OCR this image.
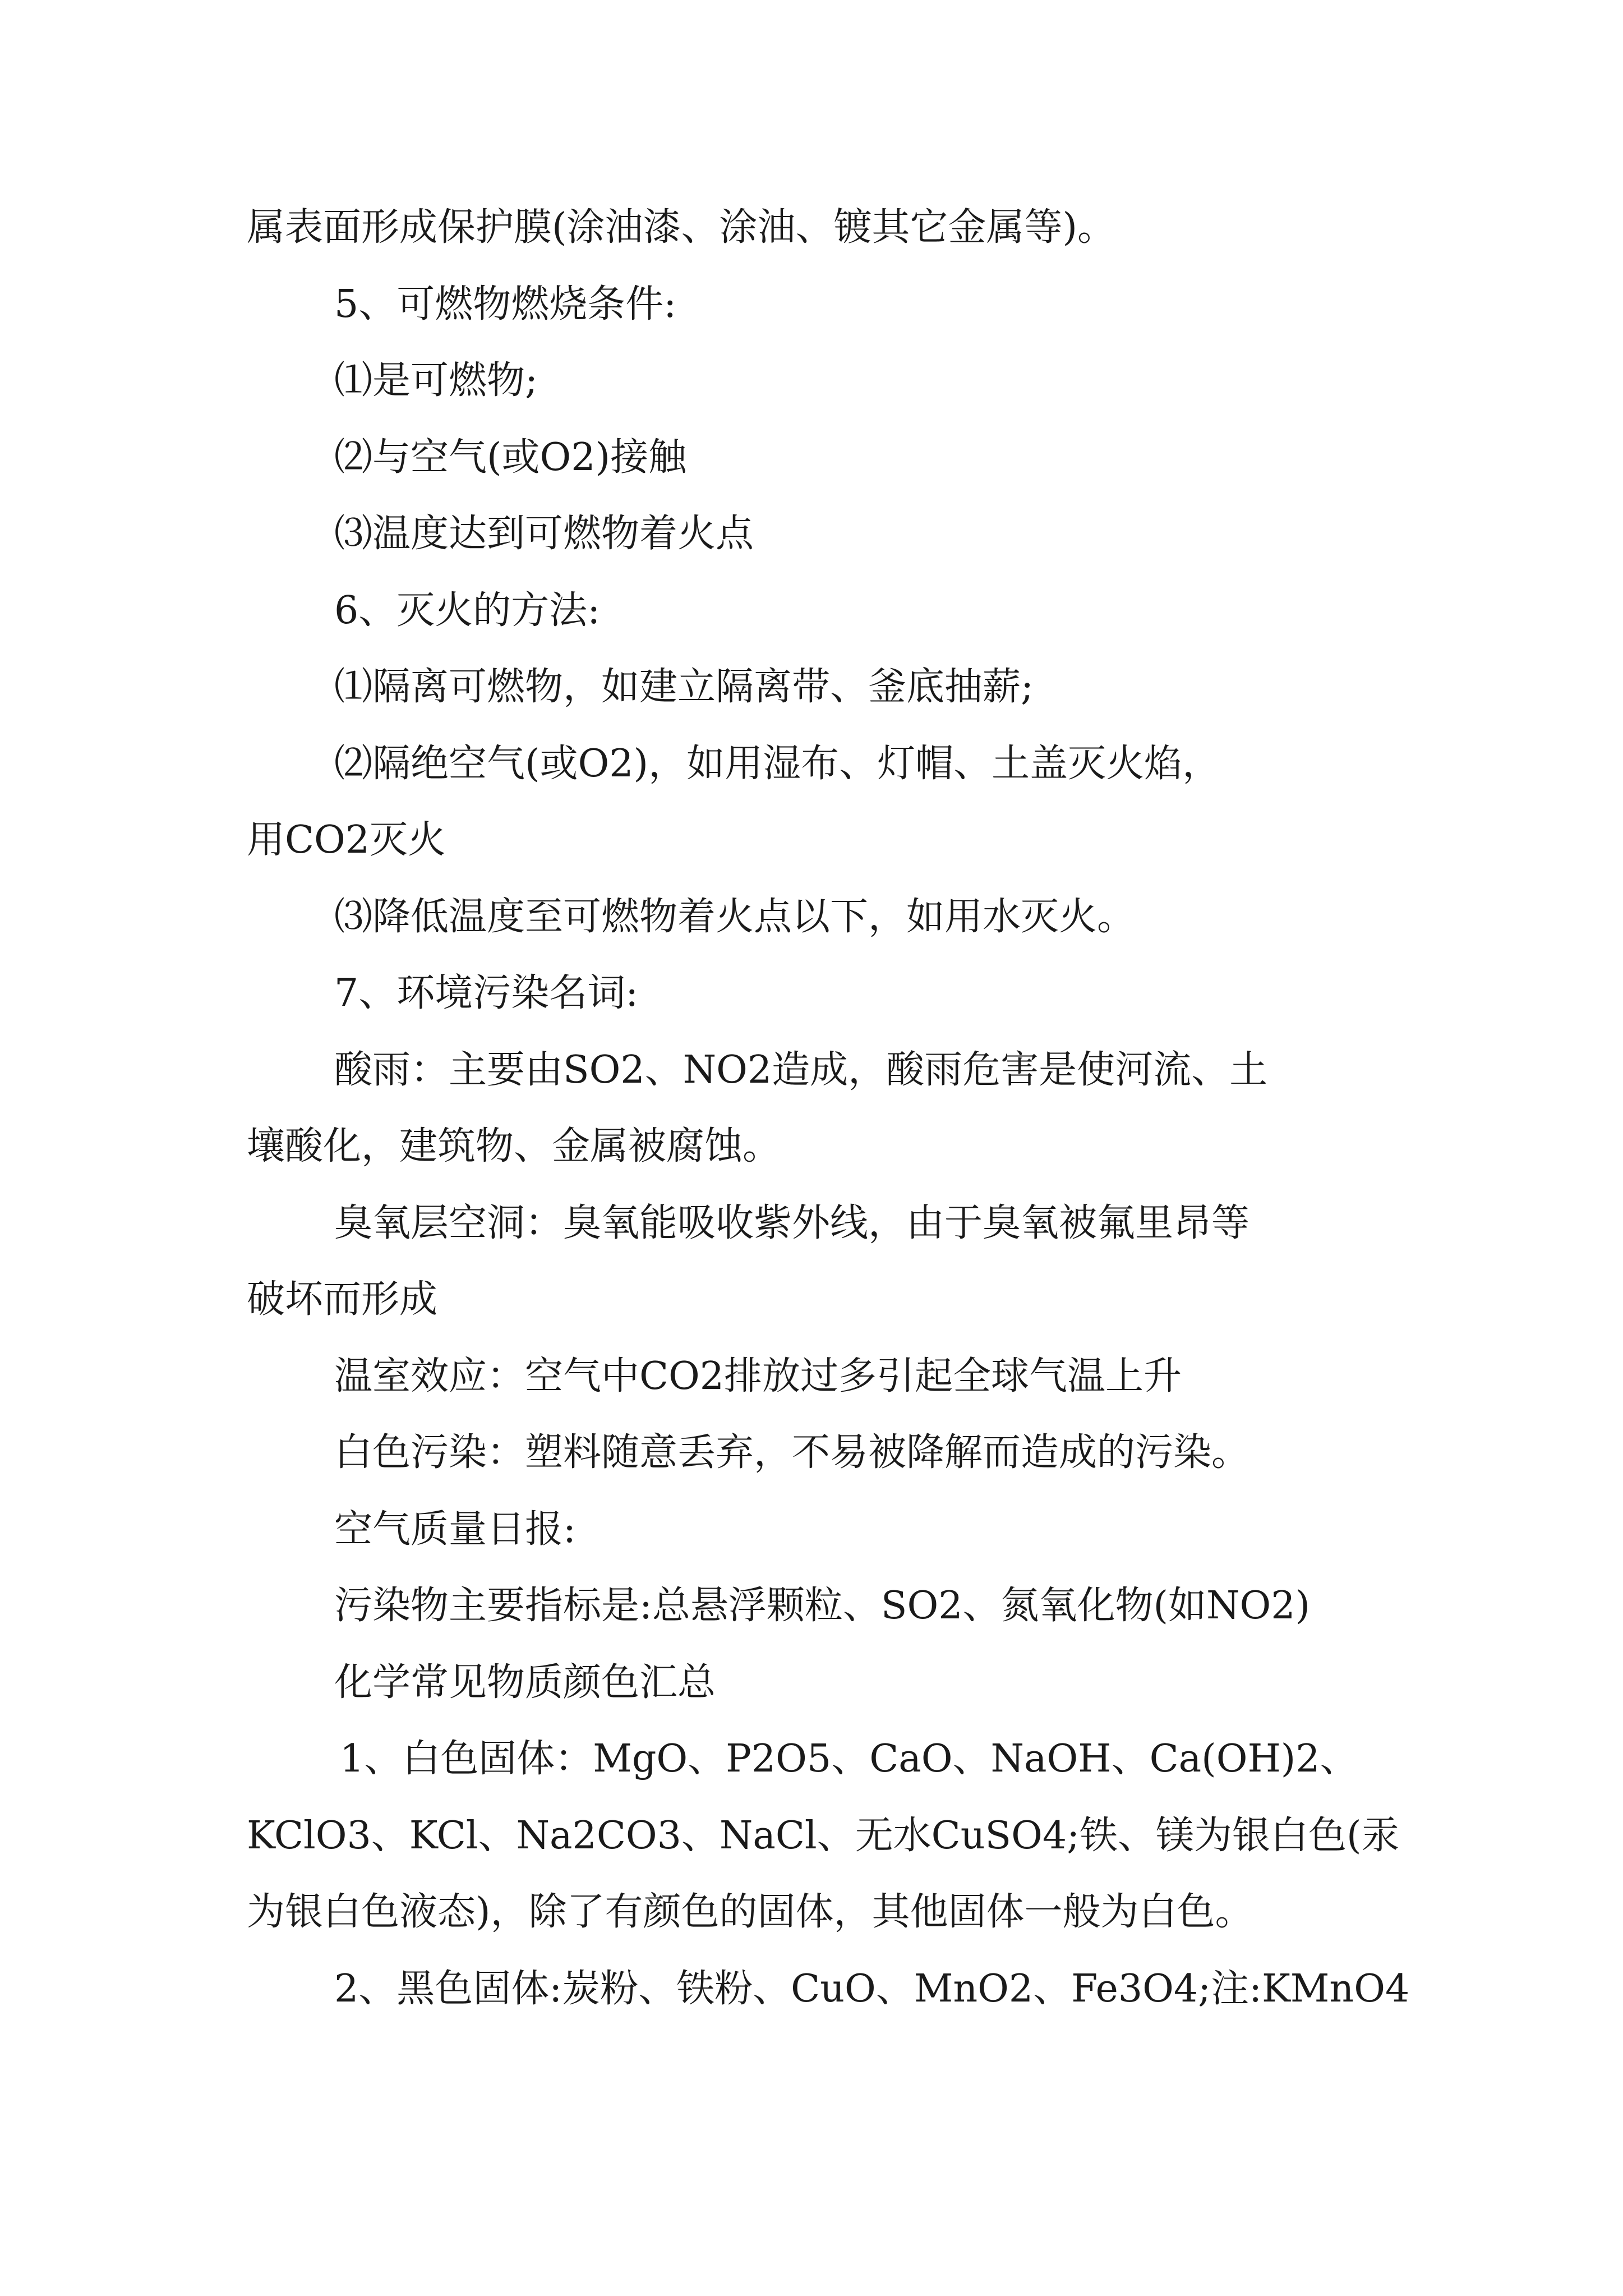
属表面形成保护膜(涂油漆、涂油、镀其它金属等)。

5、可燃物燃烧条件:

⑴是可燃物;

⑵与空气(或O2)接触

⑶温度达到可燃物着火点

6、灭火的方法:

⑴隔离可燃物，如建立隔离带、釜底抽薪;

⑵隔绝空气(或O2)，如用湿布、灯帽、土盖灭火焰，

用CO2灭火

⑶降低温度至可燃物着火点以下，如用水灭火。

7、环境污染名词:

酸雨：主要由SO2、NO2造成，酸雨危害是使河流、土

壤酸化，建筑物、金属被腐蚀。

臭氧层空洞：臭氧能吸收紫外线，由于臭氧被氟里昂等

破坏而形成

温室效应：空气中CO2排放过多引起全球气温上升

白色污染：塑料随意丢弃，不易被降解而造成的污染。

空气质量日报:

污染物主要指标是:总悬浮颗粒、SO2、氮氧化物(如NO2)

化学常见物质颜色汇总

1、白色固体：MgO、P2O5、CaO、NaOH、Ca(OH)2、

KClO3、KCl、Na2CO3、NaCl、无水CuSO4;铁、镁为银白色(汞

为银白色液态)，除了有颜色的固体，其他固体一般为白色。

2、黑色固体:炭粉、铁粉、CuO、MnO2、Fe3O4;注:KMnO4
